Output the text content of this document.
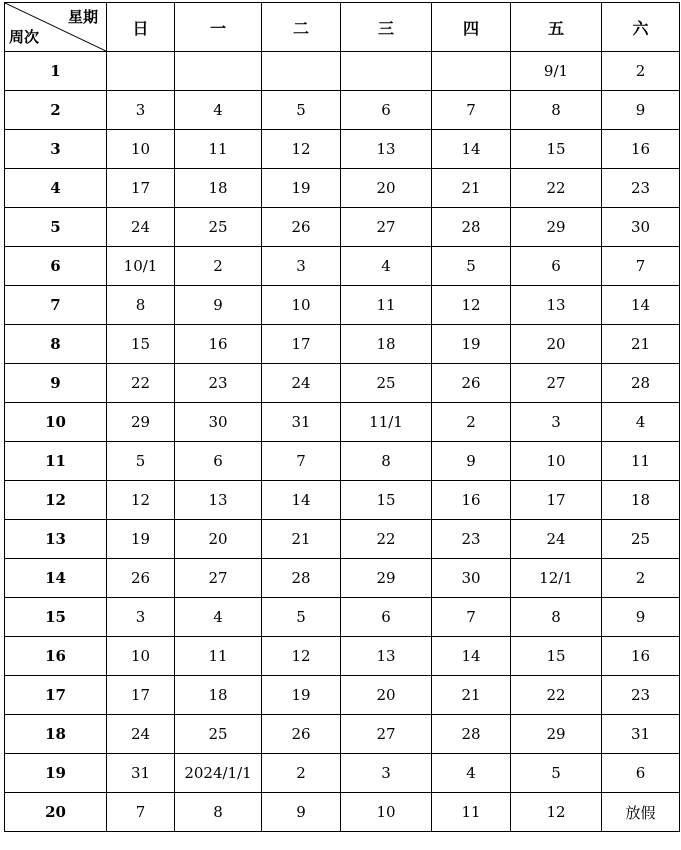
星期
周次	日	一	二	三	四	五	六
1						9/1	2
2	3	4	5	6	7	8	9
3	10	11	12	13	14	15	16
4	17	18	19	20	21	22	23
5	24	25	26	27	28	29	30
6	10/1	2	3	4	5	6	7
7	8	9	10	11	12	13	14
8	15	16	17	18	19	20	21
9	22	23	24	25	26	27	28
10	29	30	31	11/1	2	3	4
11	5	6	7	8	9	10	11
12	12	13	14	15	16	17	18
13	19	20	21	22	23	24	25
14	26	27	28	29	30	12/1	2
15	3	4	5	6	7	8	9
16	10	11	12	13	14	15	16
17	17	18	19	20	21	22	23
18	24	25	26	27	28	29	31
19	31	2024/1/1	2	3	4	5	6
20	7	8	9	10	11	12	放假
